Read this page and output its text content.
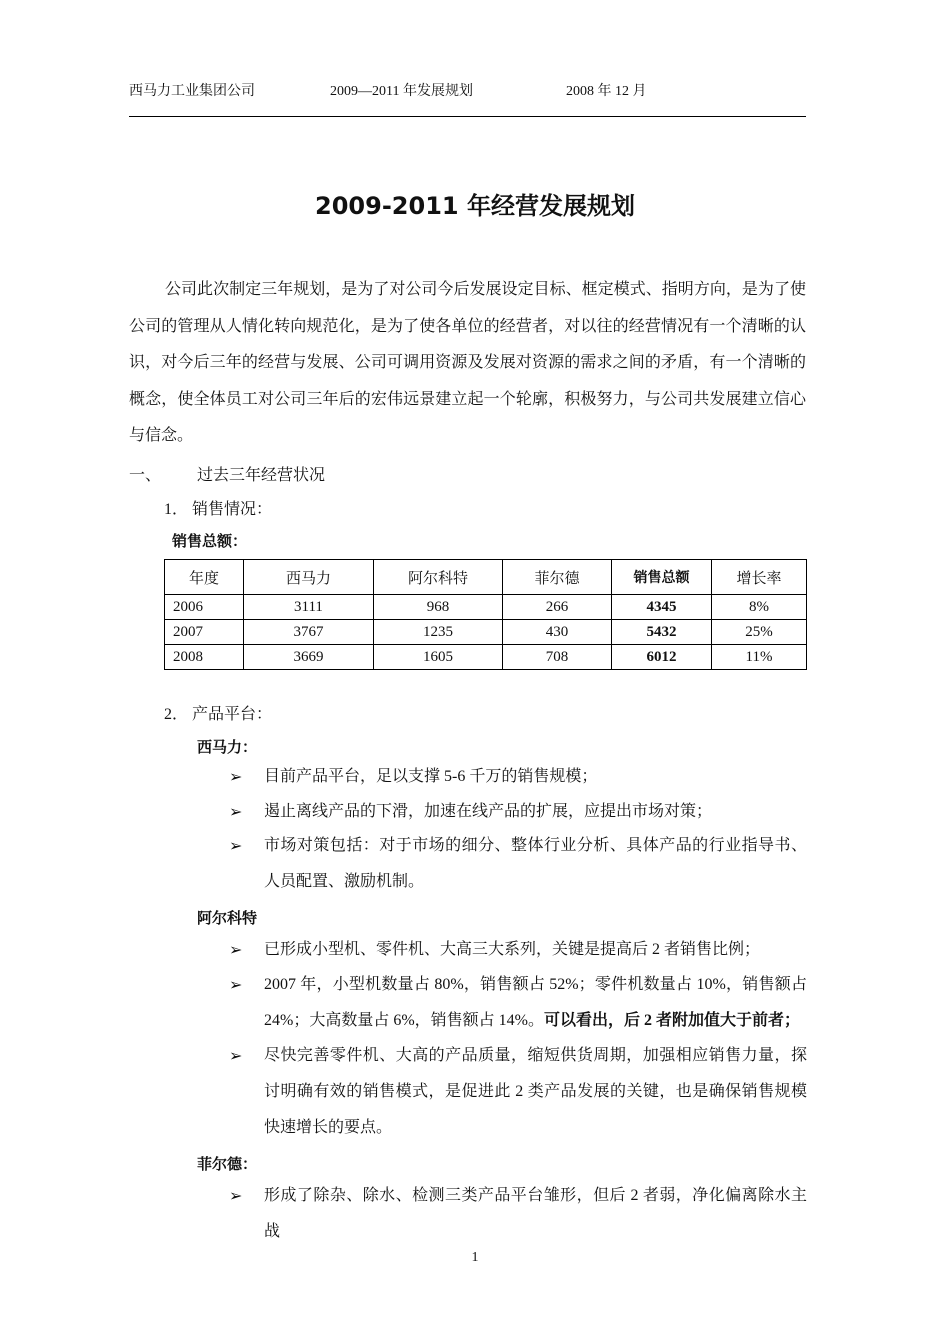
西马力工业集团公司	2009—2011 年发展规划	2008 年 12 月
2009-2011 年经营发展规划

公司此次制定三年规划，是为了对公司今后发展设定目标、框定模式、指明方向，是为了使公司的管理从人情化转向规范化，是为了使各单位的经营者，对以往的经营情况有一个清晰的认识，对今后三年的经营与发展、公司可调用资源及发展对资源的需求之间的矛盾，有一个清晰的概念，使全体员工对公司三年后的宏伟远景建立起一个轮廓，积极努力，与公司共发展建立信心与信念。

一、 过去三年经营状况
1． 销售情况：
销售总额：
年度	西马力	阿尔科特	菲尔德	销售总额	增长率
2006	3111	968	266	4345	8%
2007	3767	1235	430	5432	25%
2008	3669	1605	708	6012	11%
2． 产品平台：
西马力：
➢ 目前产品平台，足以支撑 5-6 千万的销售规模；

➢ 遏止离线产品的下滑，加速在线产品的扩展，应提出市场对策；

➢ 市场对策包括：对于市场的细分、整体行业分析、具体产品的行业指导书、人员配置、激励机制。

阿尔科特
➢ 已形成小型机、零件机、大高三大系列，关键是提高后 2 者销售比例；

➢ 2007 年，小型机数量占 80%，销售额占 52%；零件机数量占 10%，销售额占 24%；大高数量占 6%，销售额占 14%。可以看出，后 2 者附加值大于前者；

➢ 尽快完善零件机、大高的产品质量，缩短供货周期，加强相应销售力量，探讨明确有效的销售模式，是促进此 2 类产品发展的关键，也是确保销售规模快速增长的要点。

菲尔德：
➢ 形成了除杂、除水、检测三类产品平台雏形，但后 2 者弱，净化偏离除水主战

1
